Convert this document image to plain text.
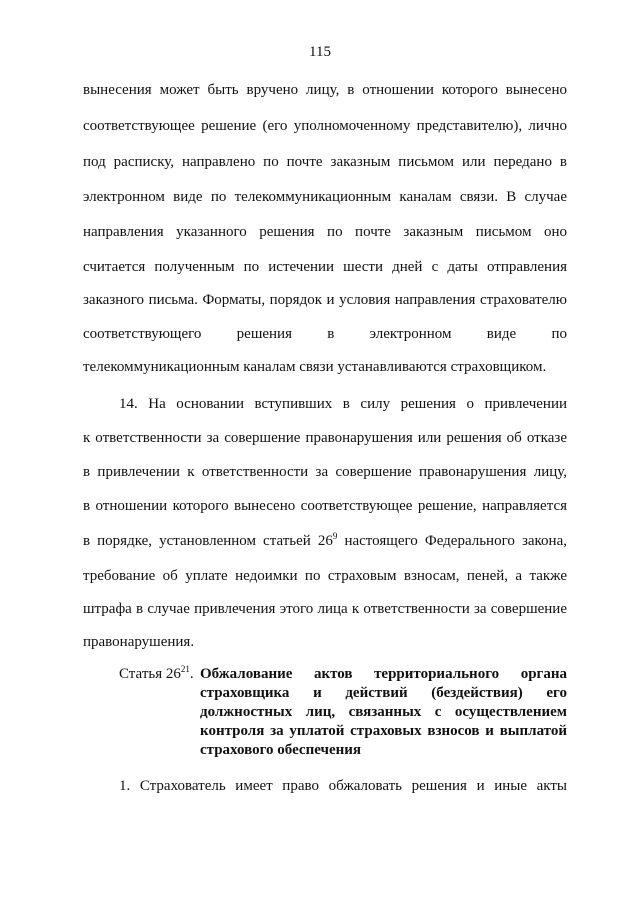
115
вынесения может быть вручено лицу, в отношении которого вынесено
соответствующее решение (его уполномоченному представителю), лично
под расписку, направлено по почте заказным письмом или передано в
электронном виде по телекоммуникационным каналам связи. В случае
направления указанного решения по почте заказным письмом оно
считается полученным по истечении шести дней с даты отправления
заказного письма. Форматы, порядок и условия направления страхователю
соответствующего решения в электронном виде по
телекоммуникационным каналам связи устанавливаются страховщиком.
14. На основании вступивших в силу решения о привлечении
к ответственности за совершение правонарушения или решения об отказе
в привлечении к ответственности за совершение правонарушения лицу,
в отношении которого вынесено соответствующее решение, направляется
в порядке, установленном статьей $26^9$ настоящего Федерального закона,
требование об уплате недоимки по страховым взносам, пеней, а также
штрафа в случае привлечения этого лица к ответственности за совершение
правонарушения.
Статья $26^{21}$. Обжалование актов территориального органа
страховщика и действий (бездействия) его
должностных лиц, связанных с осуществлением
контроля за уплатой страховых взносов и выплатой
страхового обеспечения
1. Страхователь имеет право обжаловать решения и иные акты
